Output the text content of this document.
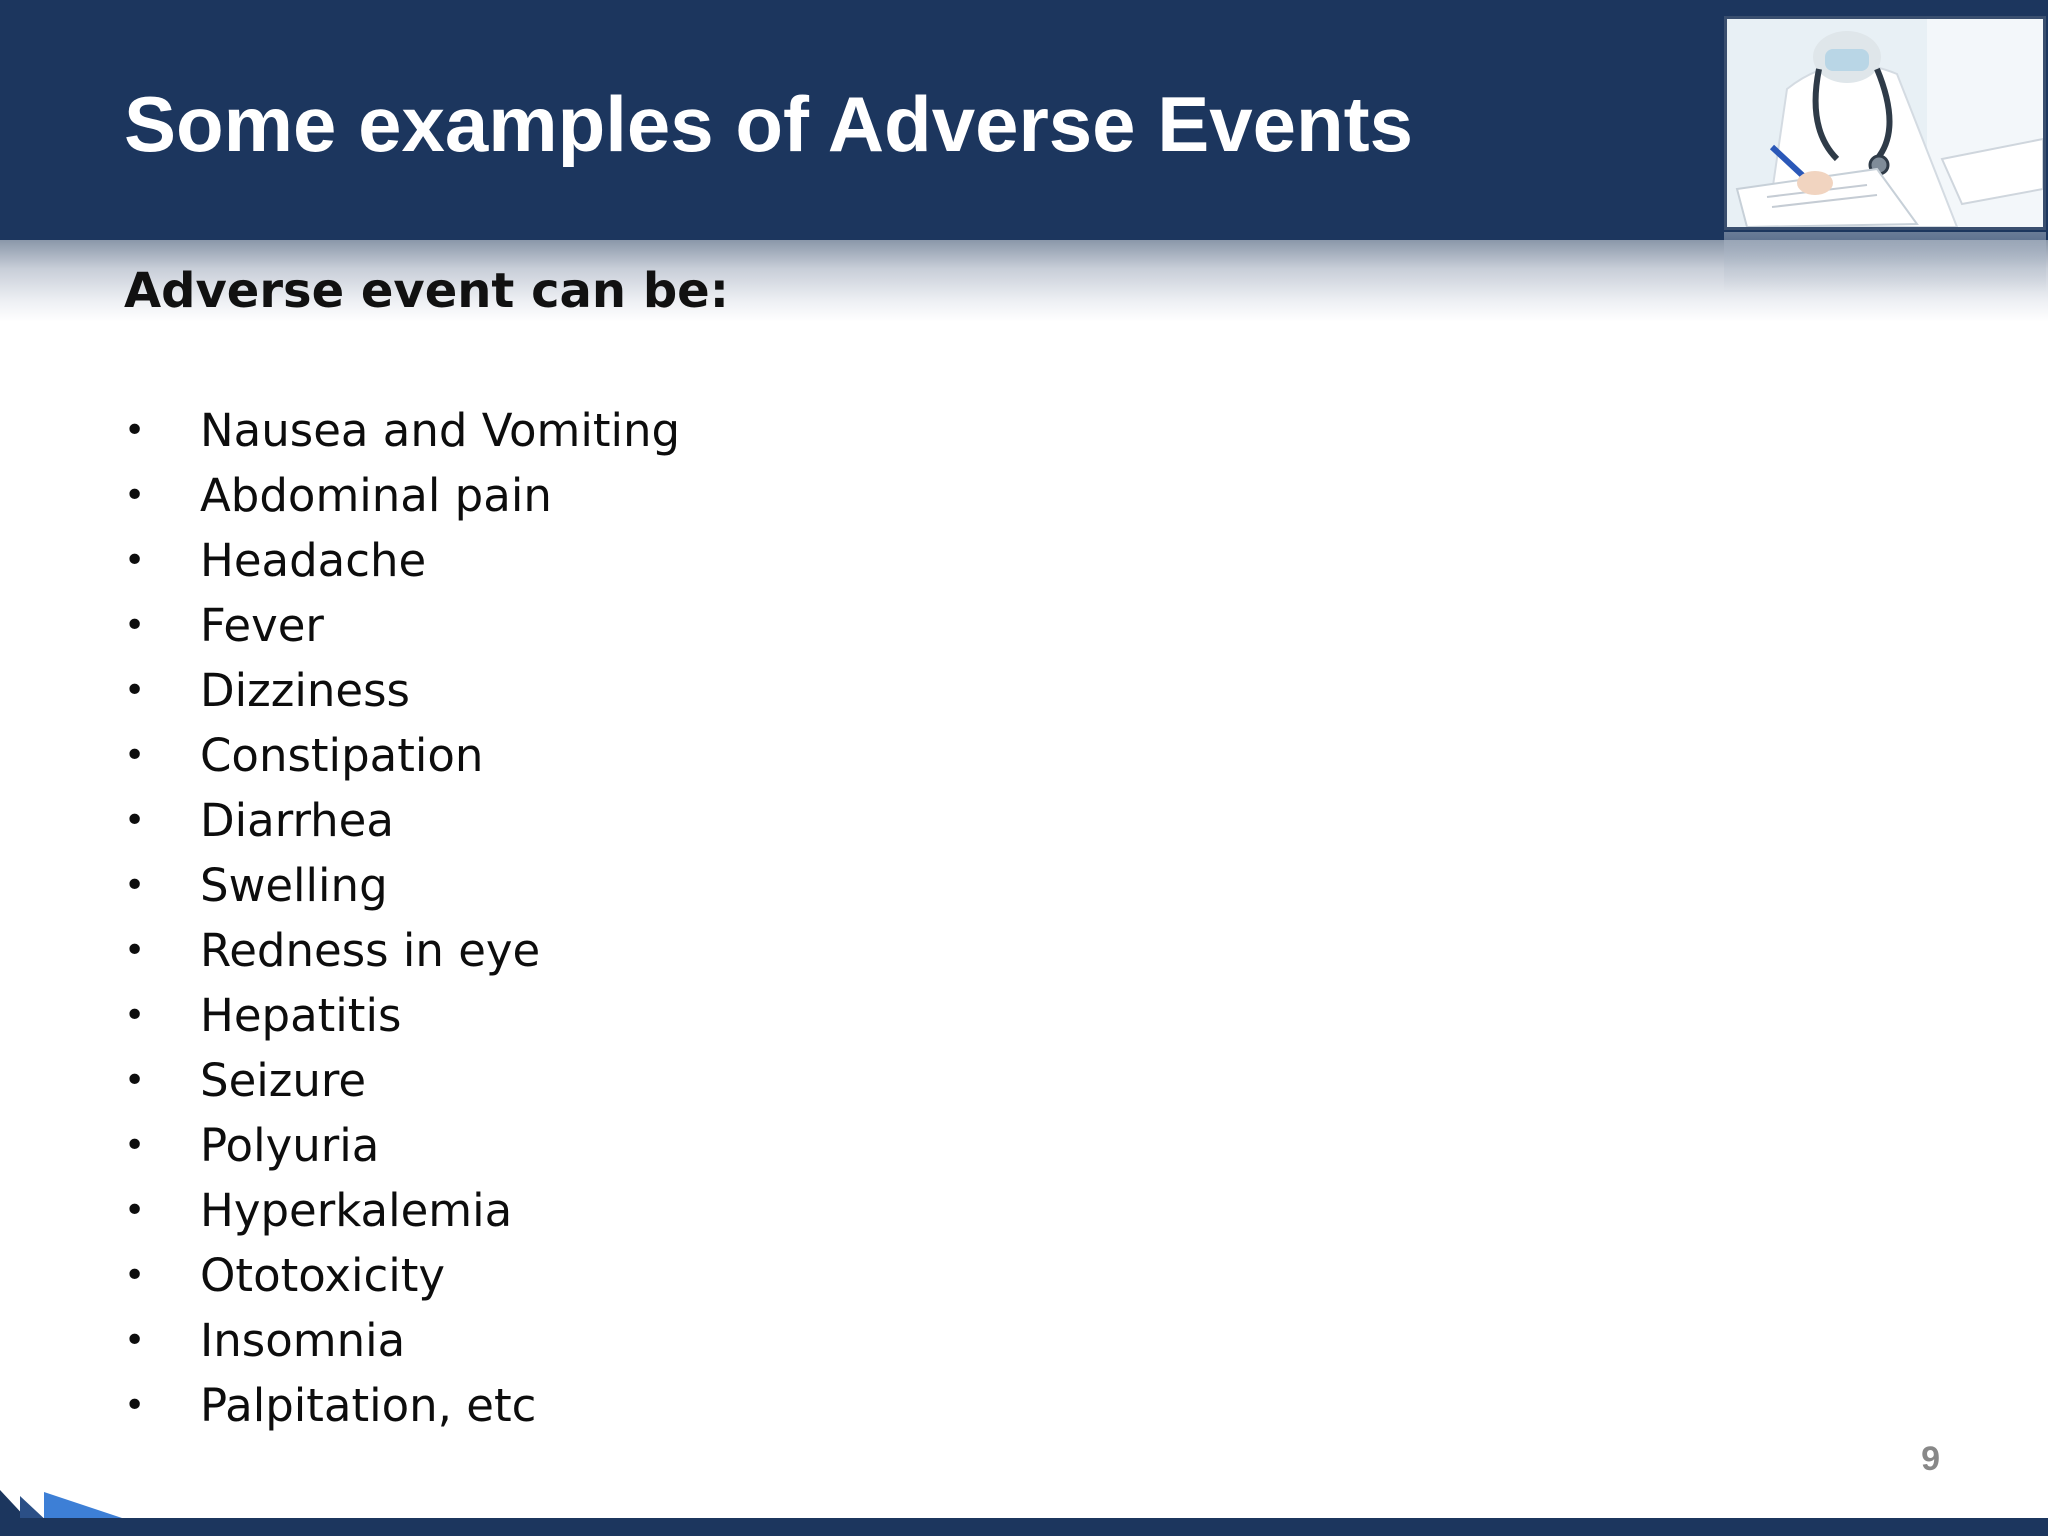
Some examples of Adverse Events

Adverse event can be:

• Nausea and Vomiting
• Abdominal pain
• Headache
• Fever
• Dizziness
• Constipation
• Diarrhea
• Swelling
• Redness in eye
• Hepatitis
• Seizure
• Polyuria
• Hyperkalemia
• Ototoxicity
• Insomnia
• Palpitation, etc
9
